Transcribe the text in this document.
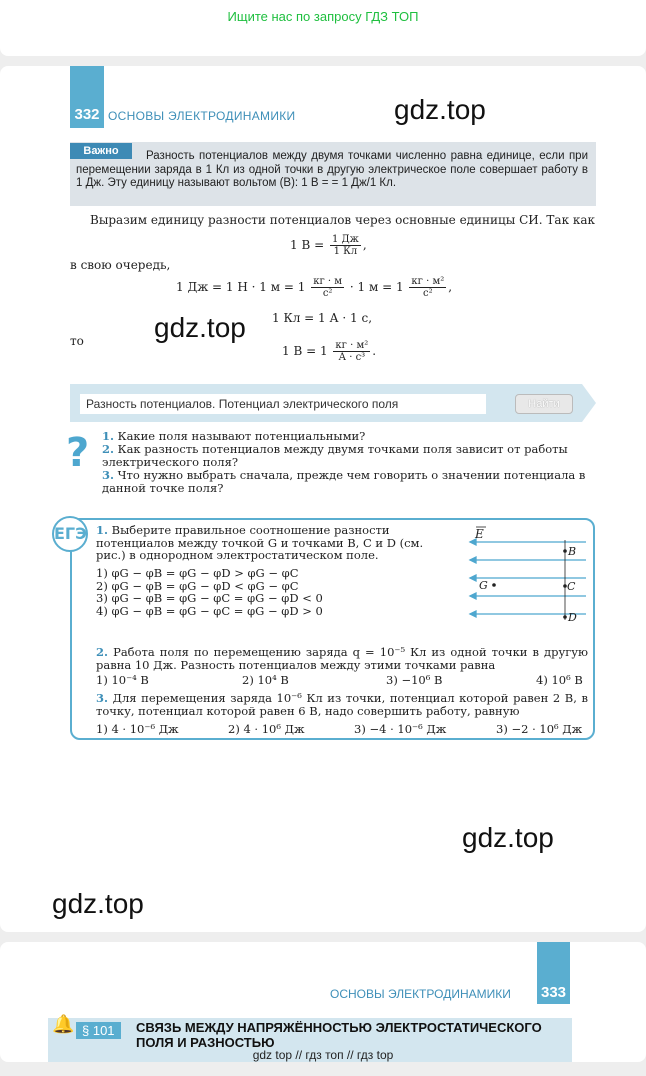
Ищите нас по запросу ГДЗ ТОП
332 ОСНОВЫ ЭЛЕКТРОДИНАМИКИ	gdz.top
Важно	Разность потенциалов между двумя точками численно равна единице, если при перемещении заряда в 1 Кл из одной точки в другую электрическое поле совершает работу в 1 Дж. Эту единицу называют вольтом (В): 1 В = = 1 Дж/1 Кл.
Выразим единицу разности потенциалов через основные единицы СИ. Так как
1 $В = \frac{1 Дж}{1 Кл}$ ,
в свою очередь,
1 Дж = 1 Н · 1 $м = 1 \frac{кг \cdot м}{\text{с²}} \cdot 1$ $м = 1 \frac{\text{кг · м²}}{\text{с²}}$ ,
gdz.top 1 Кл = 1 А · 1 с,
то
1 $В = 1 \frac{\text{кг · м²}}{\text{А · с³}}$ .
Разность потенциалов. Потенциал электрического поля
Найти
? 1. Какие поля называют потенциальными?
2. Как разность потенциалов между двумя точками поля зависит от работы электрического поля?
3. Что нужно выбрать сначала, прежде чем говорить о значении потенциала в данной точке поля?
ЕГЭ 1. Выберите правильное соотношение разности потенциалов между точкой G и точками B, C и D (см. рис.) в однородном электростатическом поле.
1) φG − φB = φG − φD > φG − φC
2) φG − φB = φG − φD < φG − φC
3) φG − φB = φG − φC = φG − φD < 0
4) φG − φB = φG − φC = φG − φD > 0
E
B
C
D
G
2. Работа поля по перемещению заряда q = 10⁻⁵ Кл из одной точки в другую равна 10 Дж. Разность потенциалов между этими точками равна
1) 10⁻⁴ В	2) 10⁴ В	3) −10⁶ В	4) 10⁶ В
3. Для перемещения заряда 10⁻⁶ Кл из точки, потенциал которой равен 2 В, в точку, потенциал которой равен 6 В, надо совершить работу, равную
1) 4 · 10⁻⁶ Дж	2) 4 · 10⁶ Дж	3) −4 · 10⁻⁶ Дж	3) −2 · 10⁶ Дж
gdz.top
gdz.top
333
ОСНОВЫ ЭЛЕКТРОДИНАМИКИ
🔔 § 101	СВЯЗЬ МЕЖДУ НАПРЯЖЁННОСТЬЮ ЭЛЕКТРОСТАТИЧЕСКОГО ПОЛЯ И РАЗНОСТЬЮ
gdz top // гдз топ // гдз top
